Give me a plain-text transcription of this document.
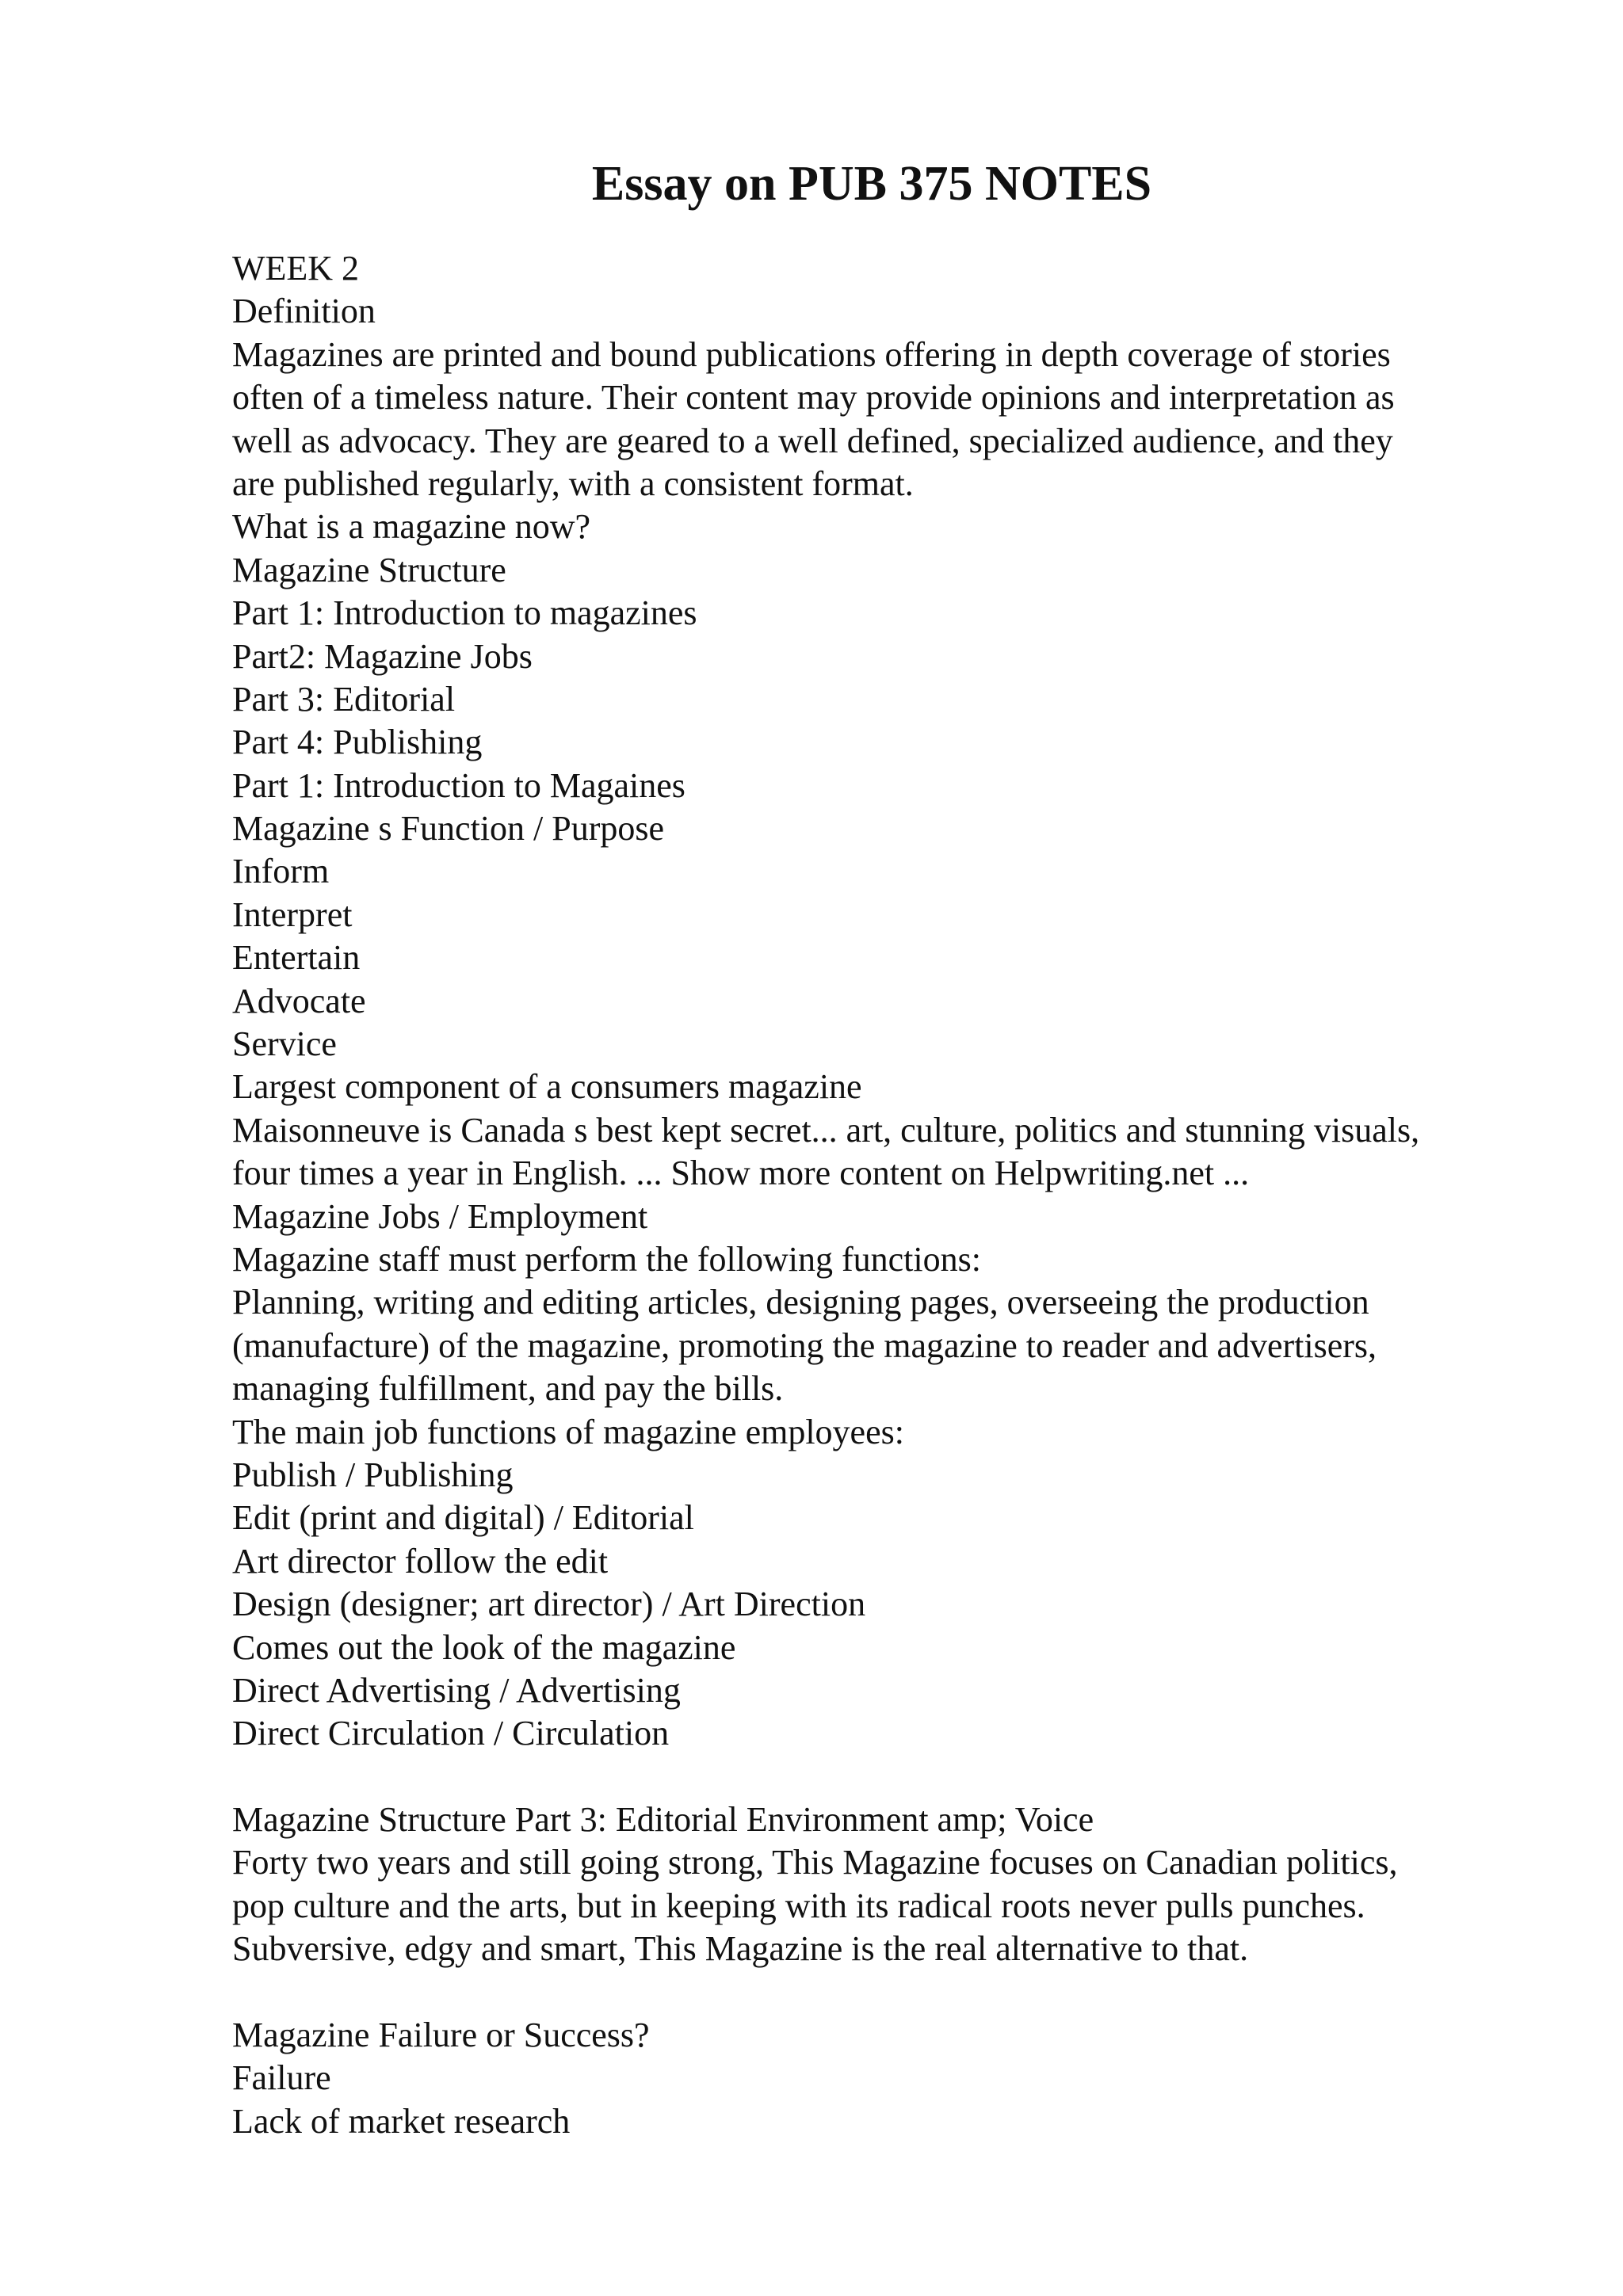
Essay on PUB 375 NOTES
WEEK 2
Definition
Magazines are printed and bound publications offering in depth coverage of stories
often of a timeless nature. Their content may provide opinions and interpretation as
well as advocacy. They are geared to a well defined, specialized audience, and they
are published regularly, with a consistent format.
What is a magazine now?
Magazine Structure
Part 1: Introduction to magazines
Part2: Magazine Jobs
Part 3: Editorial
Part 4: Publishing
Part 1: Introduction to Magaines
Magazine s Function / Purpose
Inform
Interpret
Entertain
Advocate
Service
Largest component of a consumers magazine
Maisonneuve is Canada s best kept secret... art, culture, politics and stunning visuals,
four times a year in English. ... Show more content on Helpwriting.net ...
Magazine Jobs / Employment
Magazine staff must perform the following functions:
Planning, writing and editing articles, designing pages, overseeing the production
(manufacture) of the magazine, promoting the magazine to reader and advertisers,
managing fulfillment, and pay the bills.
The main job functions of magazine employees:
Publish / Publishing
Edit (print and digital) / Editorial
Art director follow the edit
Design (designer; art director) / Art Direction
Comes out the look of the magazine
Direct Advertising / Advertising
Direct Circulation / Circulation
Magazine Structure Part 3: Editorial Environment amp; Voice
Forty two years and still going strong, This Magazine focuses on Canadian politics,
pop culture and the arts, but in keeping with its radical roots never pulls punches.
Subversive, edgy and smart, This Magazine is the real alternative to that.
Magazine Failure or Success?
Failure
Lack of market research
